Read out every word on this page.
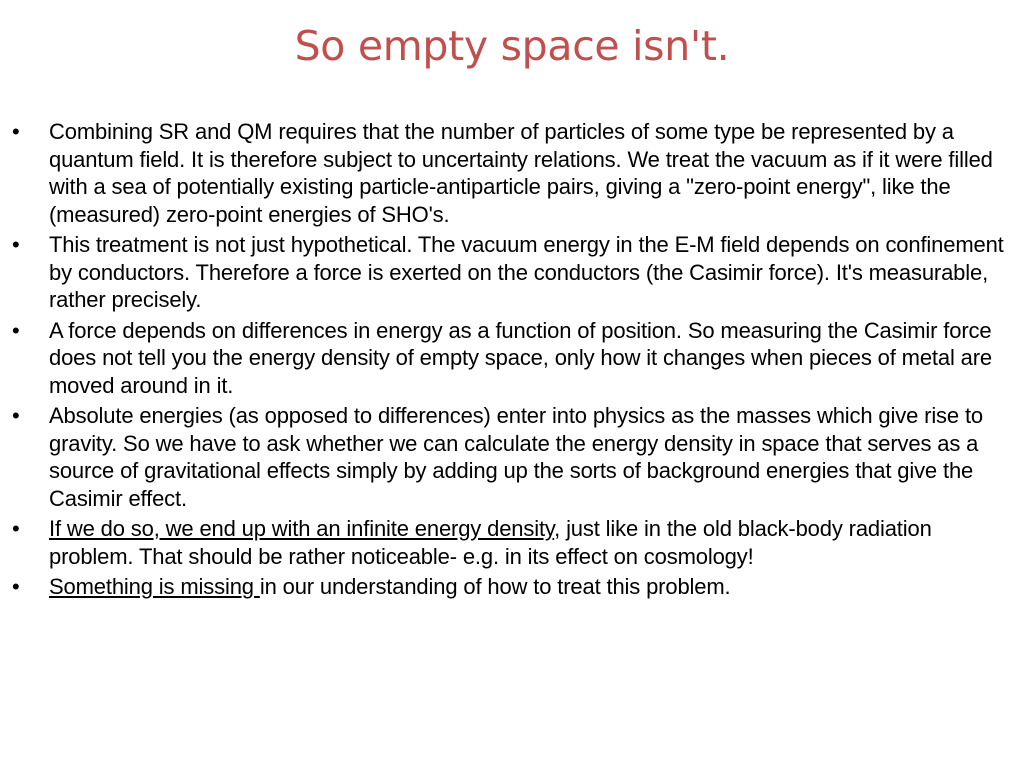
So empty space isn't.
• Combining SR and QM requires that the number of particles of some type be represented by a quantum field. It is therefore subject to uncertainty relations. We treat the vacuum as if it were filled with a sea of potentially existing particle-antiparticle pairs, giving a "zero-point energy", like the (measured) zero-point energies of SHO's.
• This treatment is not just hypothetical. The vacuum energy in the E-M field depends on confinement by conductors. Therefore a force is exerted on the conductors (the Casimir force). It's measurable, rather precisely.
• A force depends on differences in energy as a function of position. So measuring the Casimir force does not tell you the energy density of empty space, only how it changes when pieces of metal are moved around in it.
• Absolute energies (as opposed to differences) enter into physics as the masses which give rise to gravity. So we have to ask whether we can calculate the energy density in space that serves as a source of gravitational effects simply by adding up the sorts of background energies that give the Casimir effect.
• If we do so, we end up with an infinite energy density, just like in the old black-body radiation problem. That should be rather noticeable- e.g. in its effect on cosmology!
• Something is missing in our understanding of how to treat this problem.
